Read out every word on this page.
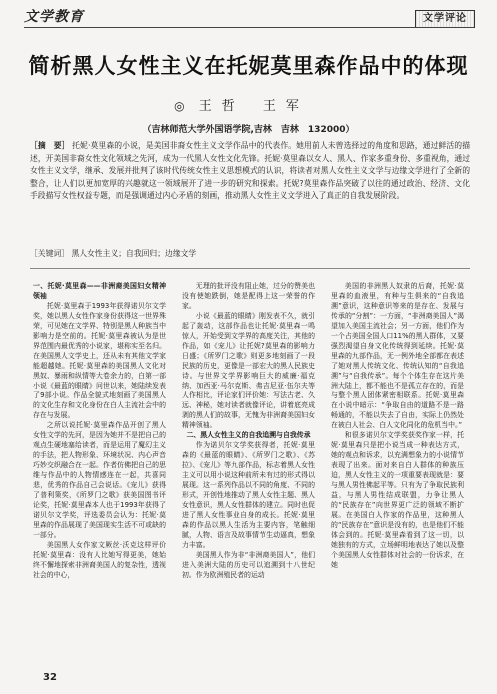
文学教育	文学评论
简析黑人女性主义在托妮莫里森作品中的体现
◎ 王哲 王军
（吉林师范大学外国语学院,吉林　吉林　132000）
［摘　要］ 托妮·莫里森的小说，是美国非裔女性主义文学作品中的代表作。她用前人未曾选择过的角度和思路，通过鲜活的描述，开美国非裔女性文化领域之先河，成为一代黑人女性文化先锋。托妮·莫里森以女人、黑人、作家多重身份、多重视角，通过女性主义文学，继承、发展并批判了该时代传统女性主义思想模式的认识，将读者对黑人女性主义文学与边缘文学进行了全新的整合，让人们以更加宽厚的兴趣就这一领域展开了进一步的研究和探索。托妮?莫里森作品突破了以往的通过政治、经济、文化手段描写女性权益专题，而是强调通过内心矛盾的刻画，推动黑人女性主义文学进入了真正的自我发展阶段。
［关键词］ 黑人女性主义；自我回归；边缘文学

一、托妮·莫里森——非洲裔美国妇女精神领袖

托妮·莫里森于1993年获得诺贝尔文学奖，她以黑人女性作家身份获得这一世界殊荣，可见她在文学界、特别是黑人种族当中影响力是空前的。托妮·莫里森被认为是世界范围内最优秀的小说家，堪称实至名归。在美国黑人文学史上，还从未有其他文学家能超越她。托妮·莫里森的美国黑人文化对黑奴、暴雨和纵情等大卷余力的，白第一部小说《最蓝的眼睛》问世以来，她陆续发表了9部小说。作品全貌式地刻画了美国黑人的文化生存和文化身份在白人主流社会中的存在与发展。

之所以说托妮·莫里森作品开创了黑人女性文学的先河，是因为她并不是把自己的观点生硬地塞给读者，而是运用了魔幻主义的手法，把人物形象、环境状况、内心声音巧妙交织融合在一起。作者仿佛把自己的思维与作品中的人物情感连在一起，共喜同悲，优秀的作品自己会说话。《宠儿》获得了普利策奖，《所罗门之歌》获美国图书评论奖，托妮·莫里森本人也于1993年获得了诺贝尔文学奖，评选委员会认为：托妮·莫里森的作品展现了美国现实生活不可或缺的一部分。

美国黑人女作家文厥丝·沃克这样评价托妮·莫里森：没有人比她写得更美，她始终不懈地探索非洲裔美国人的复杂性，透视社会的中心，

无理的批评没有阻止她，过分的赞美也没有使她跌倒，她是配得上这一荣誉的作家。

小说《最蓝的眼睛》刚发表不久，就引起了轰动，这部作品也让托妮·莫里森一鸣惊人，开始受到文学界的高度关注，其他的作品，如《宠儿》让托妮?莫里森的影响力日盛；《所罗门之歌》则更多地刻画了一段民族的历史，更像是一部宏大的黑人民族史诗。与世界文学界影响巨大的威廉·福克纳、加西亚·马尔克斯、弗吉尼亚·伍尔夫等人作相比，评论家们评价她：写法古老、久远、神秘，她对读者就像评论，讲着底亮成剥的黑人们的故事，无愧为非洲裔美国妇女精神领袖。

二、黑人女性主义的自我追溯与自我传承

作为诺贝尔文学奖获得者，托妮·莫里森的《最蓝的眼睛》、《所罗门之歌》、《苏拉》、《宠儿》等九部作品，标志着黑人女性主义可以用小说这种前所未有过的形式得以展现。这一系列作品以不同的角度、不同的形式，开创性地推动了黑人女性主题、黑人女性意识，黑人女性群体的建立。同时也促进了黑人女性事业自身的成长。托妮·莫里森的作品以黑人生活为主要内容，笔触细腻，人物、语言及故事情节生动逼真，想象力丰富。

美国黑人作为非“非洲裔美国人”，他们进入美洲大陆的历史可以追溯到十八世纪初。作为欧洲殖民者的运动

美国的非洲黑人奴隶的后裔，托妮·莫里森的血液里，有种与生俱来的“自我追溯”意识，这种意识等来的是存在、发展与传承的“分割”：一方面，“非洲裔美国人”渴望加入美国主流社会；另一方面，他们作为一个占美国全国人口11%的黑人群体，又要强烈渴望自身文化传统得到延续。托妮·莫里森的九部作品，无一例外地全部都在表述了她对黑人传统文化、传统认知的“自我追溯”与“自我传承”。每个个体生存在这片美洲大陆上，都不能也不是孤立存在的，而是与整个黑人团体紧密相联系。托妮·莫里森在小说中暗示：“争取自由的道路不是一路畅通的，不能以失去了自由，实际上仍然处在被白人社会、白人文化同化的危机当中。”

和很多诺贝尔文学奖获奖作家一样，托妮·莫里森只是把小说当成一种表达方式，她的观点和诉求，以充满想象力的小说情节表现了出来。面对来自白人群体的种族压迫，黑人女性主义的一项重要表现就是：要与黑人男性佛起平等。只有为了争取民族利益，与黑人男性结成联盟，力争让黑人的“民族存在”向世界更广泛的领域不断扩展。在美国白人作家的作品里，这种黑人的“民族存在”意识是没有的，也是他们不能体会到的。托妮·莫里森看到了这一切，以她独有的方式，立场鲜明地表达了她以及整个美国黑人女性群体对社会的一份诉求，在她

32
